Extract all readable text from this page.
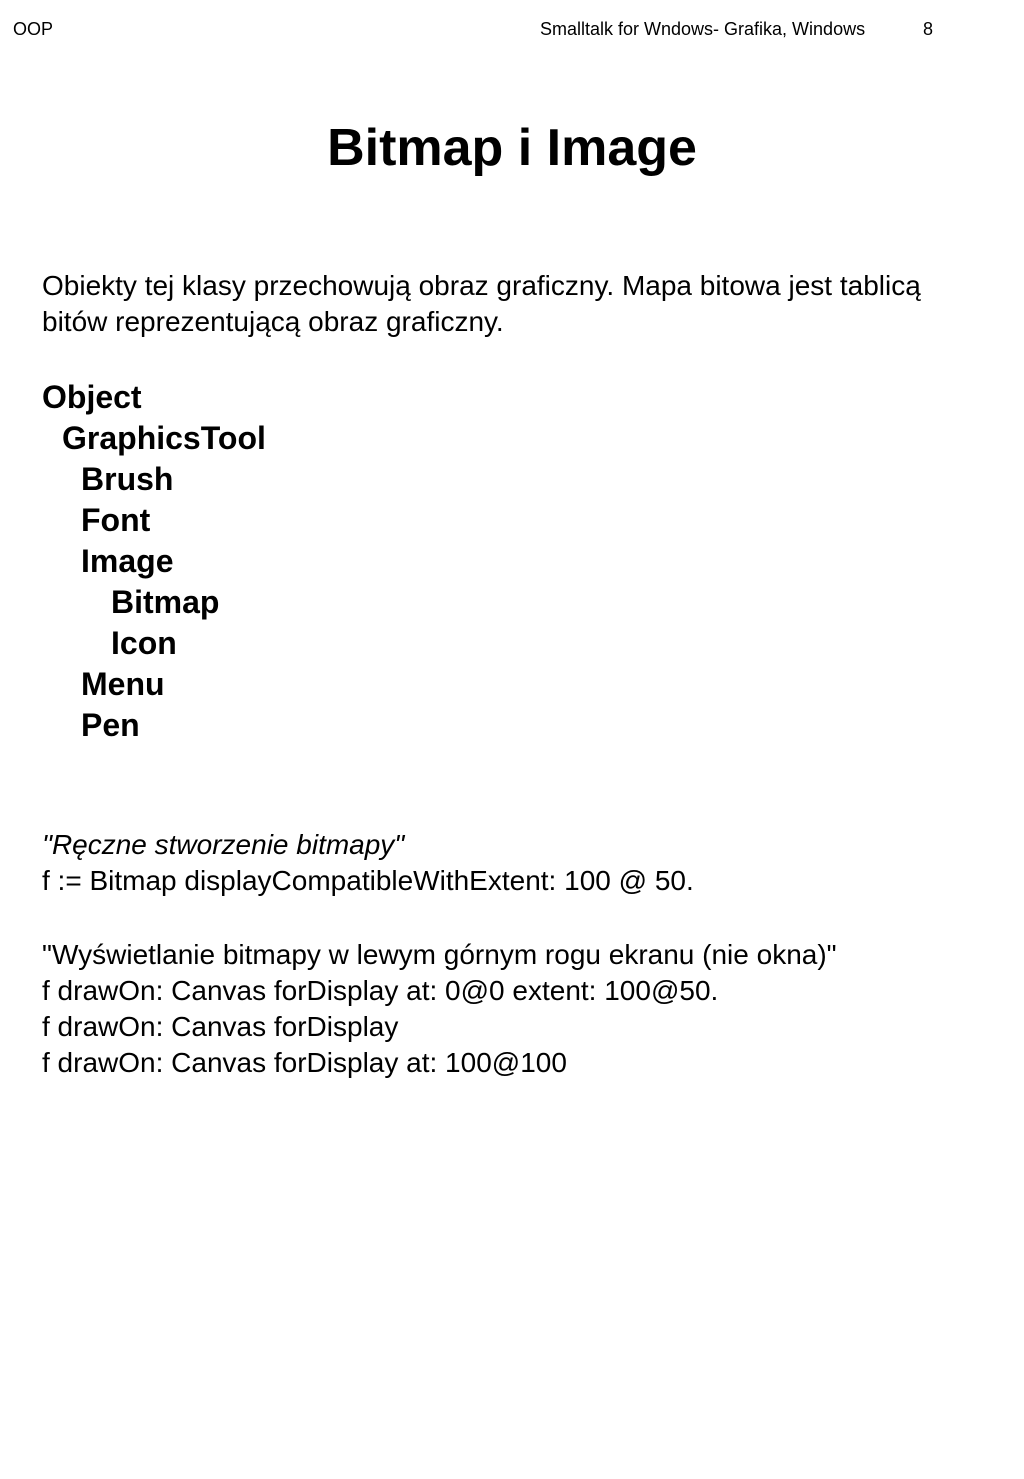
OOP	Smalltalk for Wndows- Grafika, Windows	8
Bitmap i Image

Obiekty tej klasy przechowują obraz graficzny. Mapa bitowa jest tablicą bitów reprezentującą obraz graficzny.

Object
GraphicsTool
Brush
Font
Image
Bitmap
Icon
Menu
Pen
"Ręczne stworzenie bitmapy"
f := Bitmap displayCompatibleWithExtent: 100 @ 50.
"Wyświetlanie bitmapy w lewym górnym rogu ekranu (nie okna)"
f drawOn: Canvas forDisplay at: 0@0 extent: 100@50.
f drawOn: Canvas forDisplay
f drawOn: Canvas forDisplay at: 100@100
